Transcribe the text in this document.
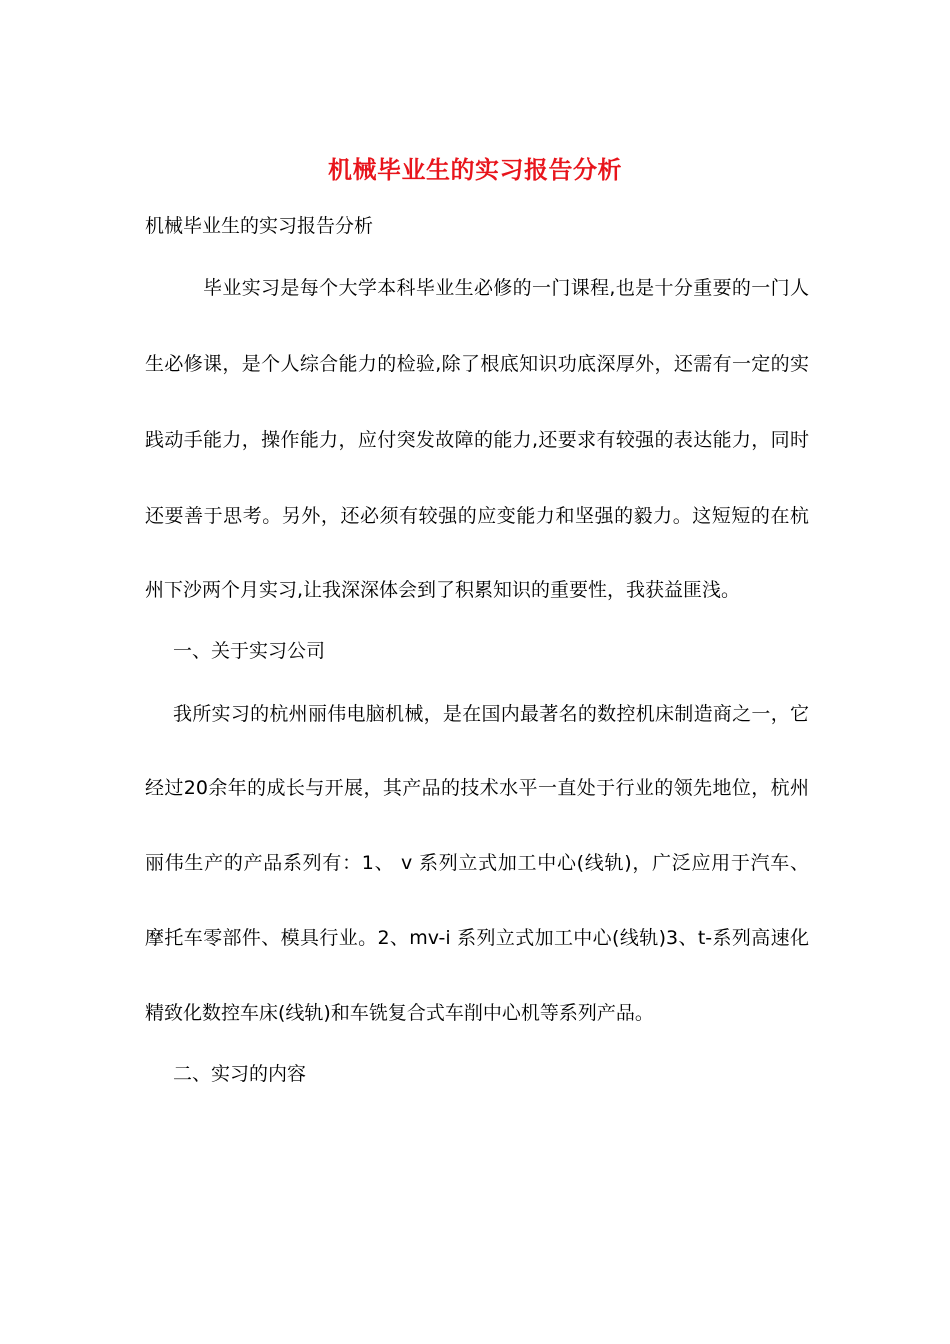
机械毕业生的实习报告分析
机械毕业生的实习报告分析
毕业实习是每个大学本科毕业生必修的一门课程,也是十分重要的一门人
生必修课，是个人综合能力的检验,除了根底知识功底深厚外，还需有一定的实
践动手能力，操作能力，应付突发故障的能力,还要求有较强的表达能力，同时
还要善于思考。另外，还必须有较强的应变能力和坚强的毅力。这短短的在杭
州下沙两个月实习,让我深深体会到了积累知识的重要性，我获益匪浅。
一、关于实习公司
我所实习的杭州丽伟电脑机械，是在国内最著名的数控机床制造商之一，它
经过20余年的成长与开展，其产品的技术水平一直处于行业的领先地位，杭州
丽伟生产的产品系列有：1、 v 系列立式加工中心(线轨)，广泛应用于汽车、
摩托车零部件、模具行业。2、mv-i 系列立式加工中心(线轨)3、t-系列高速化
精致化数控车床(线轨)和车铣复合式车削中心机等系列产品。
二、实习的内容
